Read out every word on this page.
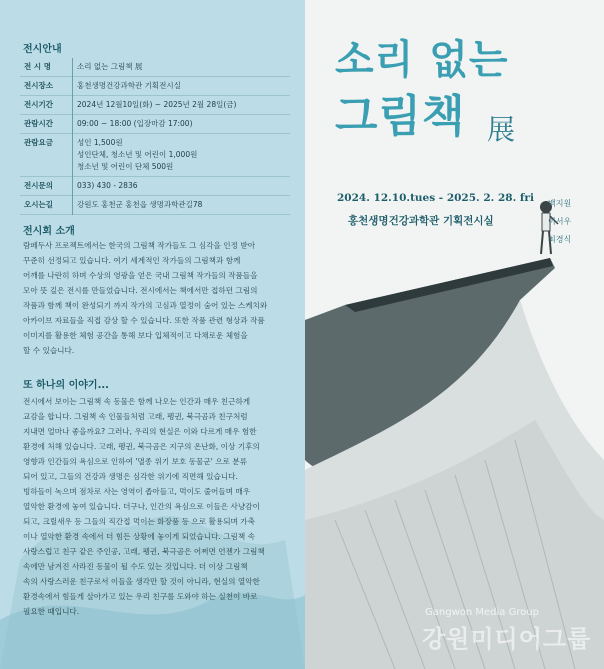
전시안내
전 시 명	소리 없는 그림책 展
전시장소	홍천생명건강과학관 기획전시실
전시기간	2024년 12월10일(화) ~ 2025년 2월 28일(금)
관람시간	09:00 ~ 18:00 (입장마감 17:00)
관람요금	성인 1,500원
성인단체, 청소년 및 어린이 1,000원
청소년 및 어린이 단체 500원
전시문의	033) 430 - 2836
오시는길	강원도 홍천군 홍천읍 생명과학관길78
전시회 소개

람페두사 프로젝트에서는 한국의 그림책 작가들도 그 심각을 인정 받아
꾸준히 선정되고 있습니다. 여기 세계적인 작가들의 그림책과 함께
어깨를 나란히 하며 수상의 영광을 얻은 국내 그림책 작가들의 작품들을
모아 뜻 깊은 전시를 만들었습니다. 전시에서는 책에서만 접하던 그림의
작품과 함께 책이 완성되기 까지 작가의 고심과 열정이 숨어 있는 스케치와
아카이브 자료들을 직접 감상 할 수 있습니다. 또한 작품 관련 형상과 작품
이미지를 활용한 체험 공간을 통해 보다 입체적이고 다채로운 체험을
할 수 있습니다.

또 하나의 이야기...

전시에서 보이는 그림책 속 동물은 함께 나오는 인간과 매우 친근하게
교감을 합니다. 그림책 속 인물들처럼 고래, 펭귄, 북극곰과 친구처럼
지내면 얼마나 좋을까요? 그러나, 우리의 현실은 이와 다르게 매우 험한
환경에 처해 있습니다. 고래, 펭귄, 북극곰은 지구의 온난화, 이상 기후의
영향과 인간들의 욕심으로 인하여 '멸종 위기 보호 동물군' 으로 분류
되어 있고, 그들의 건강과 생명은 심각한 위기에 직면해 있습니다.
빙하들이 녹으며 점차로 사는 영역이 좁아들고, 먹이도 줄어들며 매우
열악한 환경에 놓여 있습니다. 더구나, 인간의 욕심으로 이들은 사냥감이
되고, 크릴새우 등 그들의 직간접 먹이는 화장품 등 으로 활용되며 가축
이나 열악한 환경 속에서 더 힘든 상황에 놓이게 되었습니다. 그림책 속
사랑스럽고 친구 같은 주인공, 고래, 펭귄, 북극곰은 어쩌면 언젠가 그림책
속에만 남겨진 사라진 동물이 될 수도 있는 것입니다. 더 이상 그림책
속의 사랑스러운 친구로서 이들을 생각만 할 것이 아니라, 현실의 열악한
환경속에서 힘들게 살아가고 있는 우리 친구를 도와야 하는 실천이 바로
필요한 때입니다.

소리 없는
그림책 展
2024. 12.10.tues - 2025. 2. 28. fri
홍천생명건강과학관 기획전시실
백지원
이서우
최경식
Gangwon Media Group
강원미디어그룹
